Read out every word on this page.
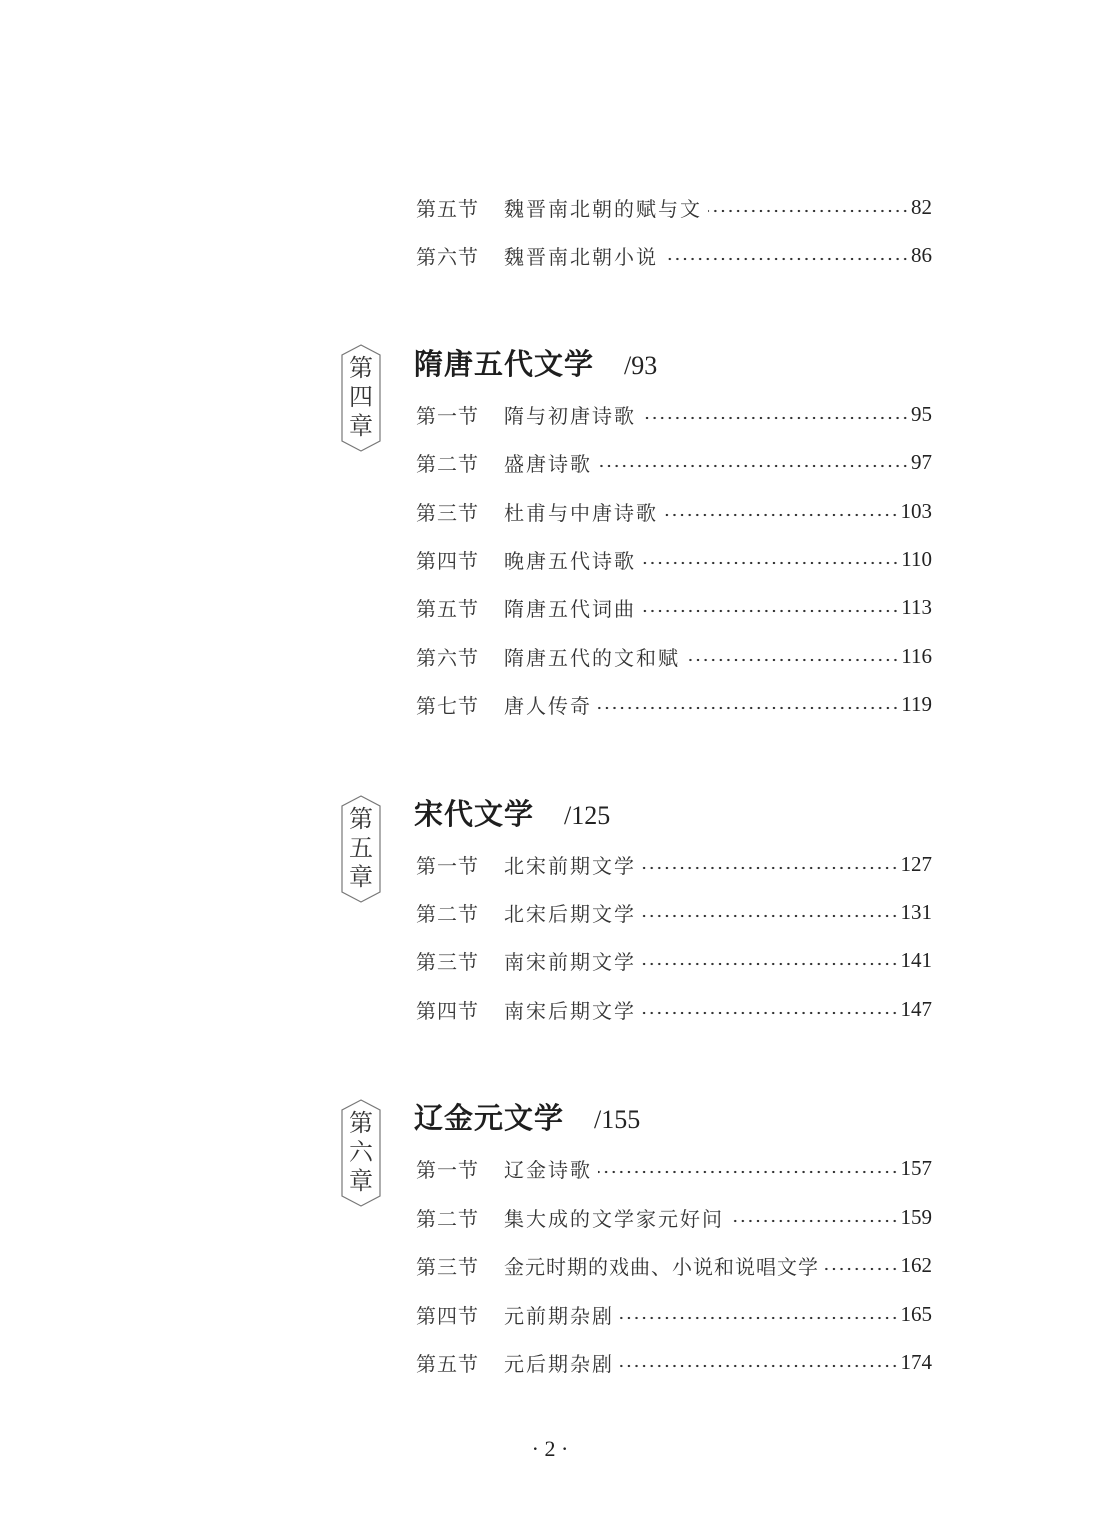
第五节	魏晋南北朝的赋与文	82
第六节	魏晋南北朝小说	86
第
四
章
隋唐五代文学 /93
第一节	隋与初唐诗歌	95
第二节	盛唐诗歌	97
第三节	杜甫与中唐诗歌	103
第四节	晚唐五代诗歌	110
第五节	隋唐五代词曲	113
第六节	隋唐五代的文和赋	116
第七节	唐人传奇	119
第
五
章
宋代文学 /125
第一节	北宋前期文学	127
第二节	北宋后期文学	131
第三节	南宋前期文学	141
第四节	南宋后期文学	147
第
六
章
辽金元文学 /155
第一节	辽金诗歌	157
第二节	集大成的文学家元好问	159
第三节	金元时期的戏曲、小说和说唱文学	162
第四节	元前期杂剧	165
第五节	元后期杂剧	174
· 2 ·
